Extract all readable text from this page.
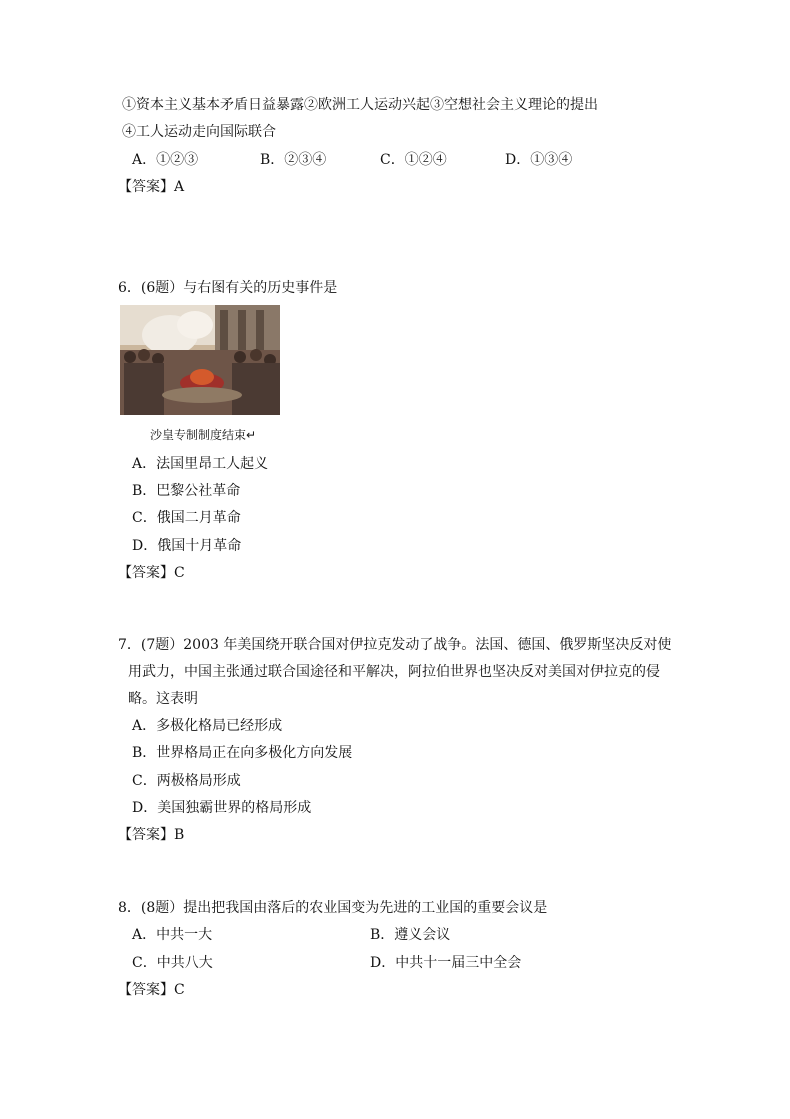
①资本主义基本矛盾日益暴露②欧洲工人运动兴起③空想社会主义理论的提出
④工人运动走向国际联合
A．①②③	B．②③④	C．①②④	D．①③④
【答案】A
6．(6题）与右图有关的历史事件是
沙皇专制制度结束↵
A．法国里昂工人起义
B．巴黎公社革命
C．俄国二月革命
D．俄国十月革命
【答案】C
7．(7题）2003 年美国绕开联合国对伊拉克发动了战争。法国、德国、俄罗斯坚决反对使
用武力，中国主张通过联合国途径和平解决，阿拉伯世界也坚决反对美国对伊拉克的侵
略。这表明
A．多极化格局已经形成
B．世界格局正在向多极化方向发展
C．两极格局形成
D．美国独霸世界的格局形成
【答案】B
8．(8题）提出把我国由落后的农业国变为先进的工业国的重要会议是
A．中共一大	B．遵义会议
C．中共八大	D．中共十一届三中全会
【答案】C
